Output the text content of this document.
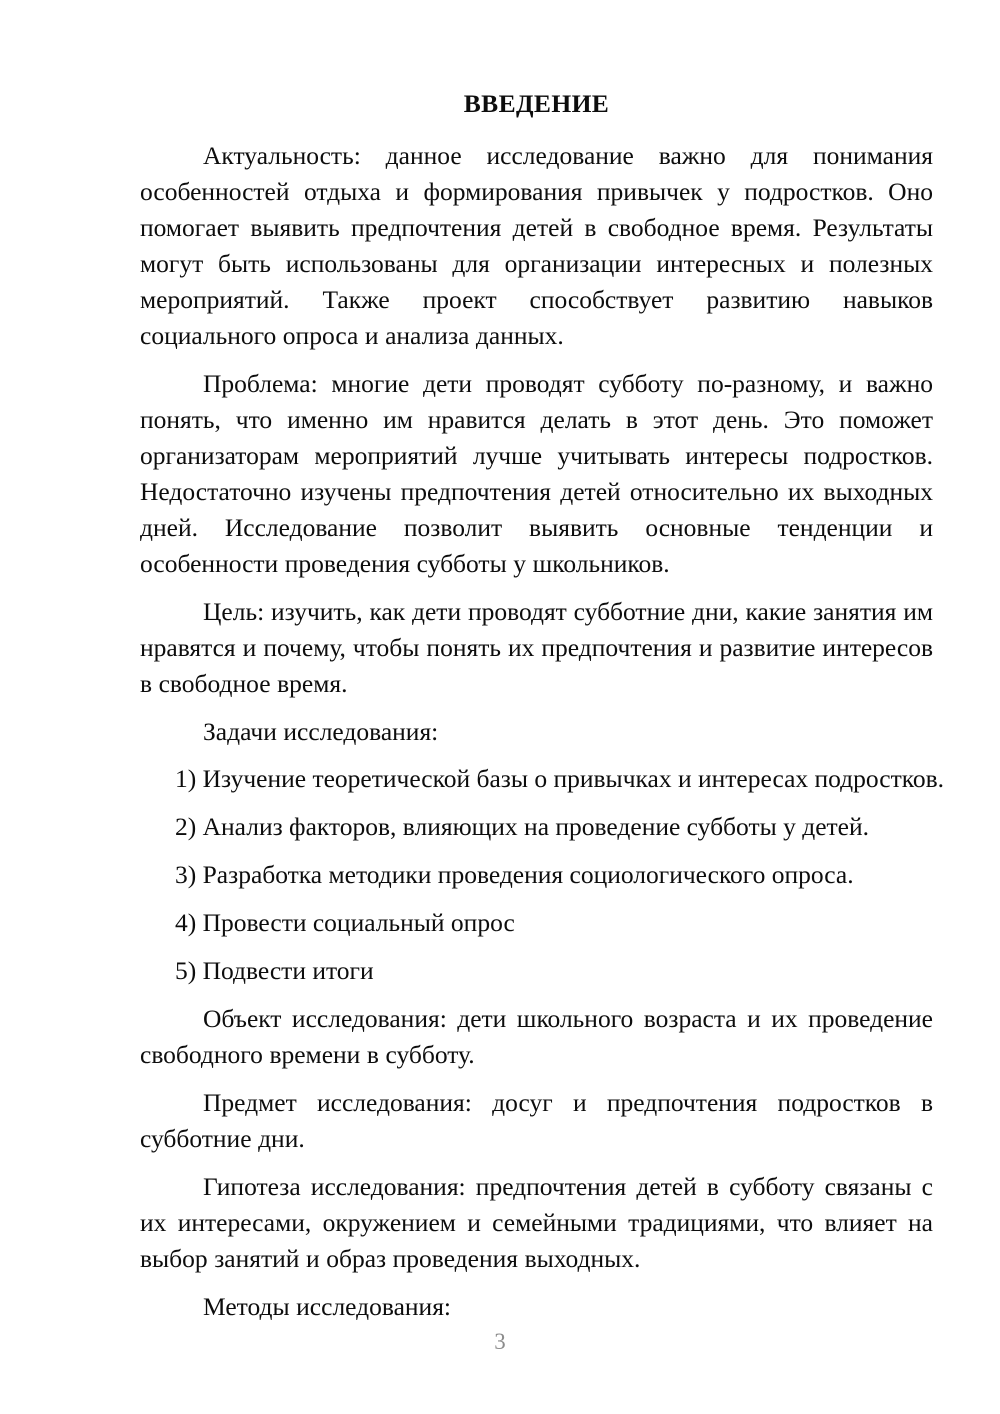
ВВЕДЕНИЕ

Актуальность: данное исследование важно для понимания особенностей отдыха и формирования привычек у подростков. Оно помогает выявить предпочтения детей в свободное время. Результаты могут быть использованы для организации интересных и полезных мероприятий. Также проект способствует развитию навыков социального опроса и анализа данных.

Проблема: многие дети проводят субботу по-разному, и важно понять, что именно им нравится делать в этот день. Это поможет организаторам мероприятий лучше учитывать интересы подростков. Недостаточно изучены предпочтения детей относительно их выходных дней. Исследование позволит выявить основные тенденции и особенности проведения субботы у школьников.

Цель: изучить, как дети проводят субботние дни, какие занятия им нравятся и почему, чтобы понять их предпочтения и развитие интересов в свободное время.

Задачи исследования:

1) Изучение теоретической базы о привычках и интересах подростков.
2) Анализ факторов, влияющих на проведение субботы у детей.
3) Разработка методики проведения социологического опроса.
4) Провести социальный опрос
5) Подвести итоги

Объект исследования: дети школьного возраста и их проведение свободного времени в субботу.

Предмет исследования: досуг и предпочтения подростков в субботние дни.

Гипотеза исследования: предпочтения детей в субботу связаны с их интересами, окружением и семейными традициями, что влияет на выбор занятий и образ проведения выходных.

Методы исследования:

3
